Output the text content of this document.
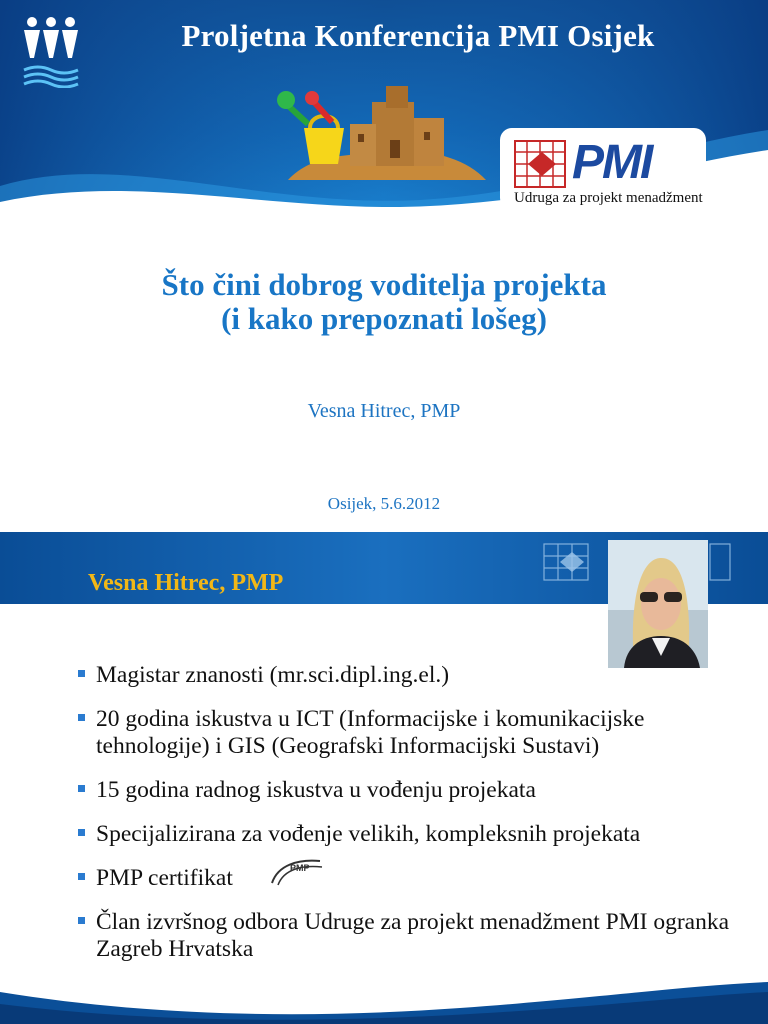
Proljetna Konferencija PMI Osijek
PMI
Udruga za projekt menadžment
Što čini dobrog voditelja projekta
(i kako prepoznati lošeg)
Vesna Hitrec, PMP
Osijek, 5.6.2012
Vesna Hitrec, PMP
Magistar znanosti (mr.sci.dipl.ing.el.)
20 godina iskustva u ICT (Informacijske i komunikacijske tehnologije) i GIS (Geografski Informacijski Sustavi)
15 godina radnog iskustva u vođenju projekata
Specijalizirana za vođenje velikih, kompleksnih projekata
PMP certifikat	PMP
Član izvršnog odbora Udruge za projekt menadžment PMI ogranka Zagreb Hrvatska
